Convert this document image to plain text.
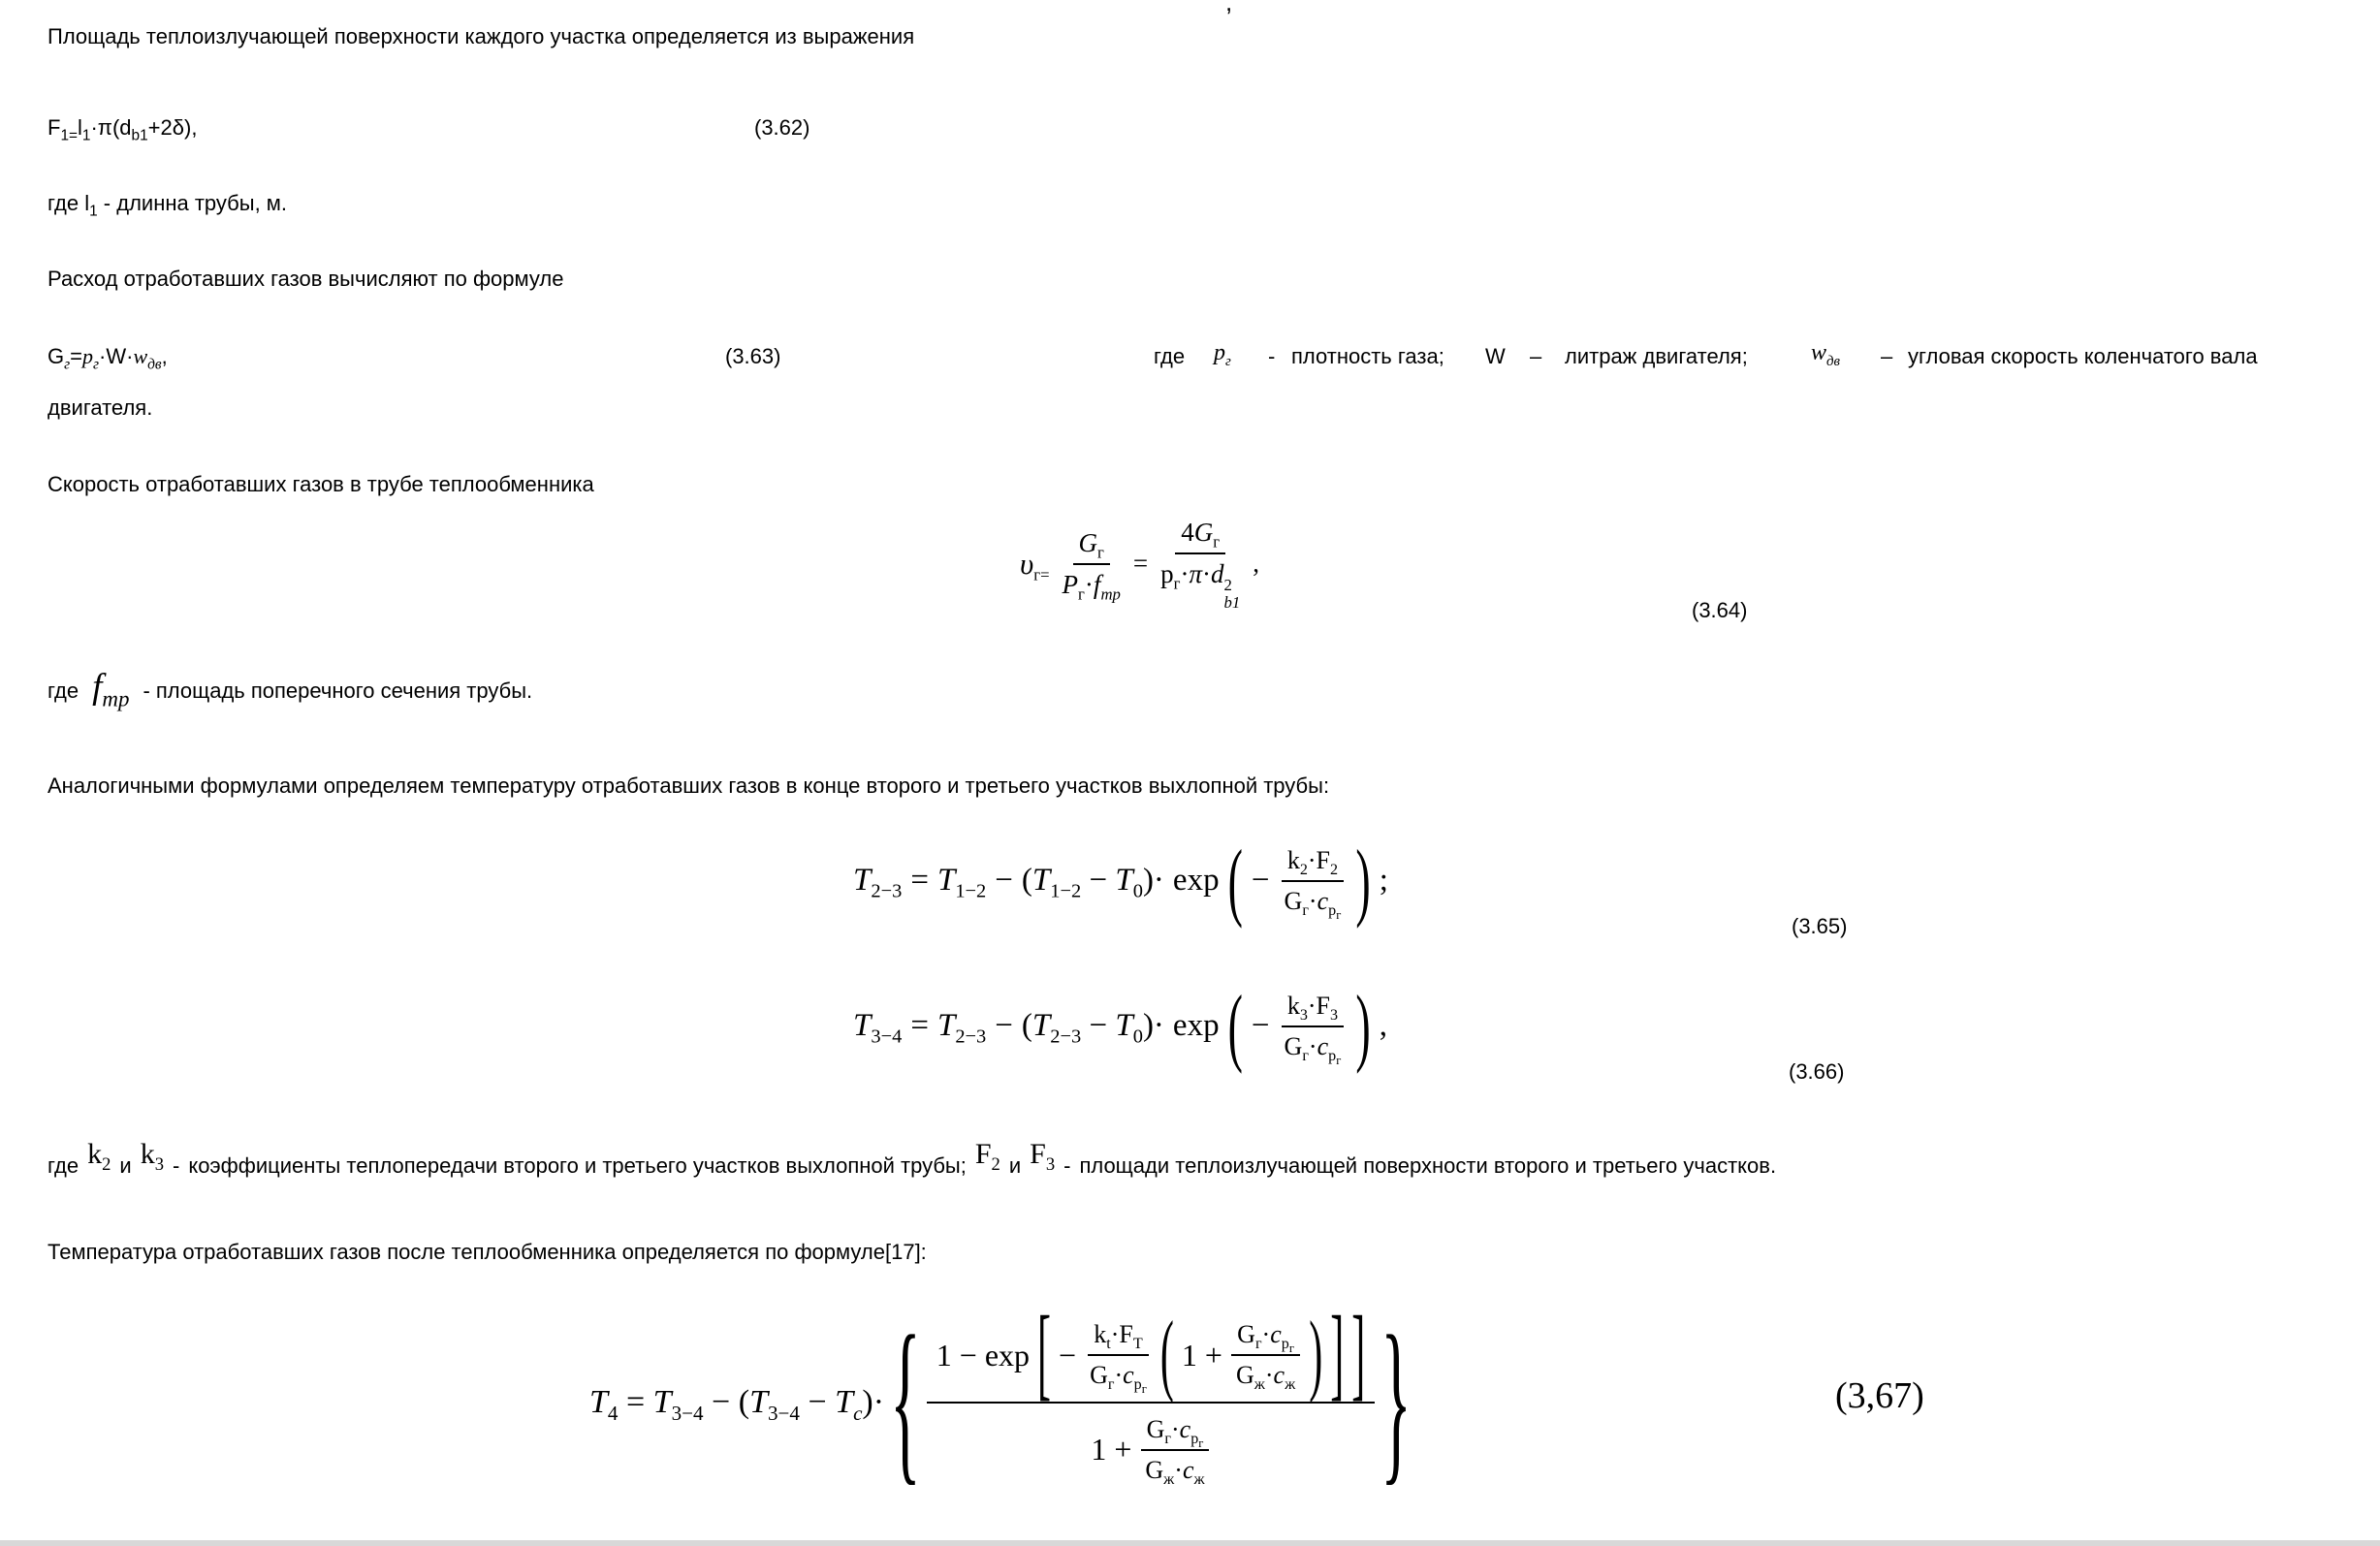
,
Площадь теплоизлучающей поверхности каждого участка определяется из выражения
$F_{1=}l_1\cdot\pi(d_{b1}+2\delta)$,	(3.62)
где $l_1$ - длинна трубы, м.
Расход отработавших газов вычисляют по формуле
$G_г=p_г\cdot W\cdot w_{дв}$,	(3.63)	где $p_г$ - плотность газа; W – литраж двигателя;	$w_{дв}$ – угловая скорость коленчатого вала
двигателя.
Скорость отработавших газов в трубе теплообменника
$\upsilon_{г=} \frac{G_г}{P_г\cdot f_{mp}} = 4G_г$
$p_г\cdot\pi\cdot d$ 2
b1 ,
(3.64)
где $f_{mp}$ - площадь поперечного сечения трубы.
Аналогичными формулами определяем температуру отработавших газов в конце второго и третьего участков выхлопной трубы:
$T_{2-3} = T_{1-2} - (T_{1-2} - T_0)\cdot \exp$ ( − $\frac{k_2\cdot F_2}{G_г\cdot c_{p_г}}$ ) ;
(3.65)
$T_{3-4} = T_{2-3} - (T_{2-3} - T_0)\cdot \exp$ ( − $\frac{k_3\cdot F_3}{G_г\cdot c_{p_г}}$ ) ,
(3.66)
где $k_2$ и $k_3$ - коэффициенты теплопередачи второго и третьего участков выхлопной трубы; $F_2$ и $F_3$ - площади теплоизлучающей поверхности второго и третьего участков.
Температура отработавших газов после теплообменника определяется по формуле[17]:
$T_4 = T_{3-4} - (T_{3-4} - T_c)\cdot$ { 1 − exp [ − $\frac{k_t\cdot F_T}{G_г\cdot c_{p_г}}$ ( $1 + \frac{G_г\cdot c_{p_г}}{G_ж\cdot c_ж}$ ) ] ]
$1 + \frac{G_г\cdot c_{p_г}}{G_ж\cdot c_ж}$	}	(3,67)
